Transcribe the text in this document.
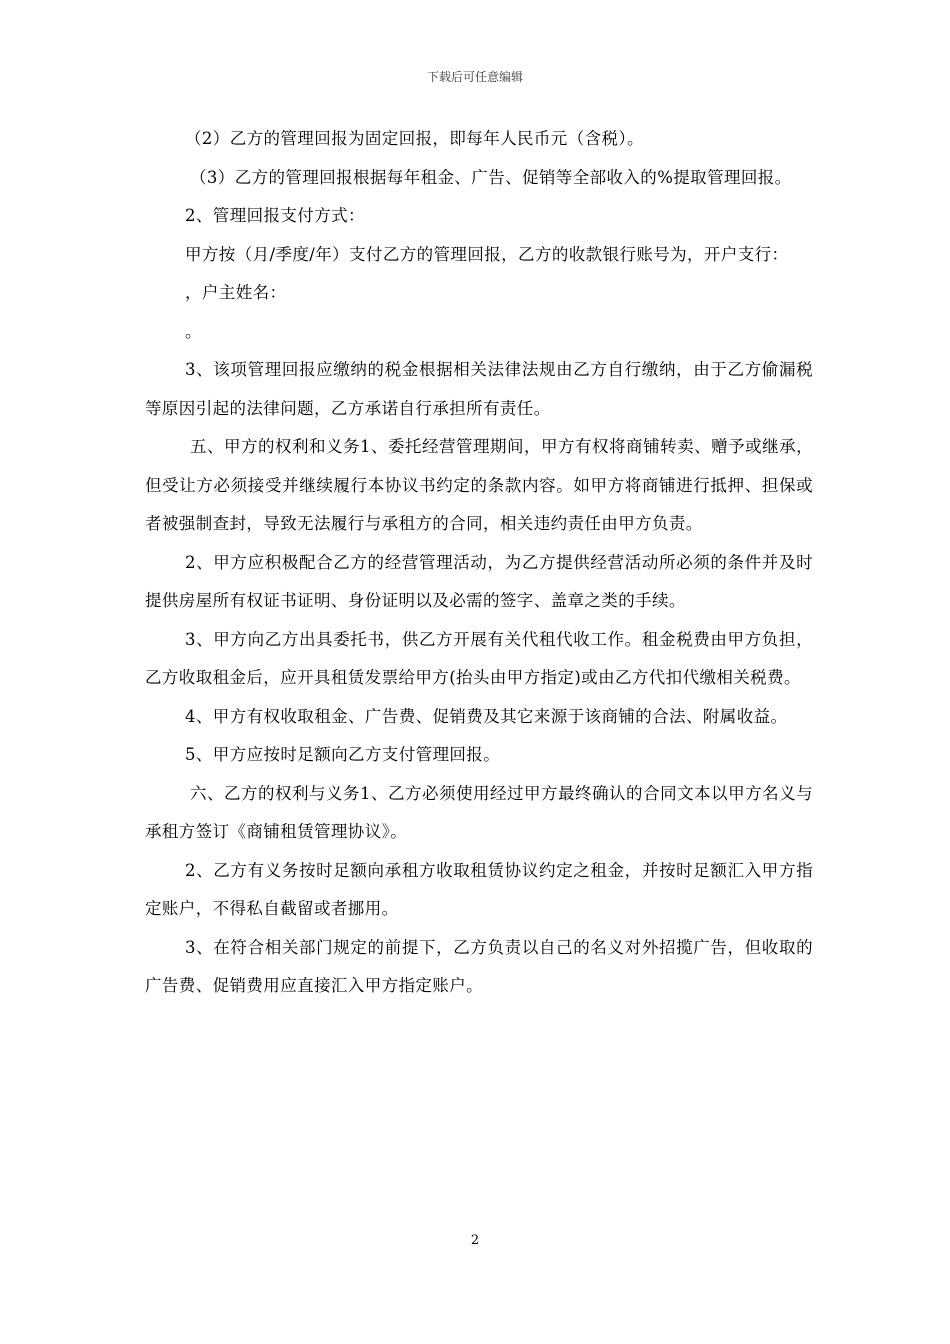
下载后可任意编辑

（2）乙方的管理回报为固定回报，即每年人民币元（含税）。

（3）乙方的管理回报根据每年租金、广告、促销等全部收入的%提取管理回报。

2、管理回报支付方式：

甲方按（月/季度/年）支付乙方的管理回报，乙方的收款银行账号为，开户支行：

，户主姓名：

。

3、该项管理回报应缴纳的税金根据相关法律法规由乙方自行缴纳，由于乙方偷漏税等原因引起的法律问题，乙方承诺自行承担所有责任。

五、甲方的权利和义务1、委托经营管理期间，甲方有权将商铺转卖、赠予或继承，但受让方必须接受并继续履行本协议书约定的条款内容。如甲方将商铺进行抵押、担保或者被强制查封，导致无法履行与承租方的合同，相关违约责任由甲方负责。

2、甲方应积极配合乙方的经营管理活动，为乙方提供经营活动所必须的条件并及时提供房屋所有权证书证明、身份证明以及必需的签字、盖章之类的手续。

3、甲方向乙方出具委托书，供乙方开展有关代租代收工作。租金税费由甲方负担，乙方收取租金后，应开具租赁发票给甲方(抬头由甲方指定)或由乙方代扣代缴相关税费。

4、甲方有权收取租金、广告费、促销费及其它来源于该商铺的合法、附属收益。

5、甲方应按时足额向乙方支付管理回报。

六、乙方的权利与义务1、乙方必须使用经过甲方最终确认的合同文本以甲方名义与承租方签订《商铺租赁管理协议》。

2、乙方有义务按时足额向承租方收取租赁协议约定之租金，并按时足额汇入甲方指定账户，不得私自截留或者挪用。

3、在符合相关部门规定的前提下，乙方负责以自己的名义对外招揽广告，但收取的广告费、促销费用应直接汇入甲方指定账户。

2
